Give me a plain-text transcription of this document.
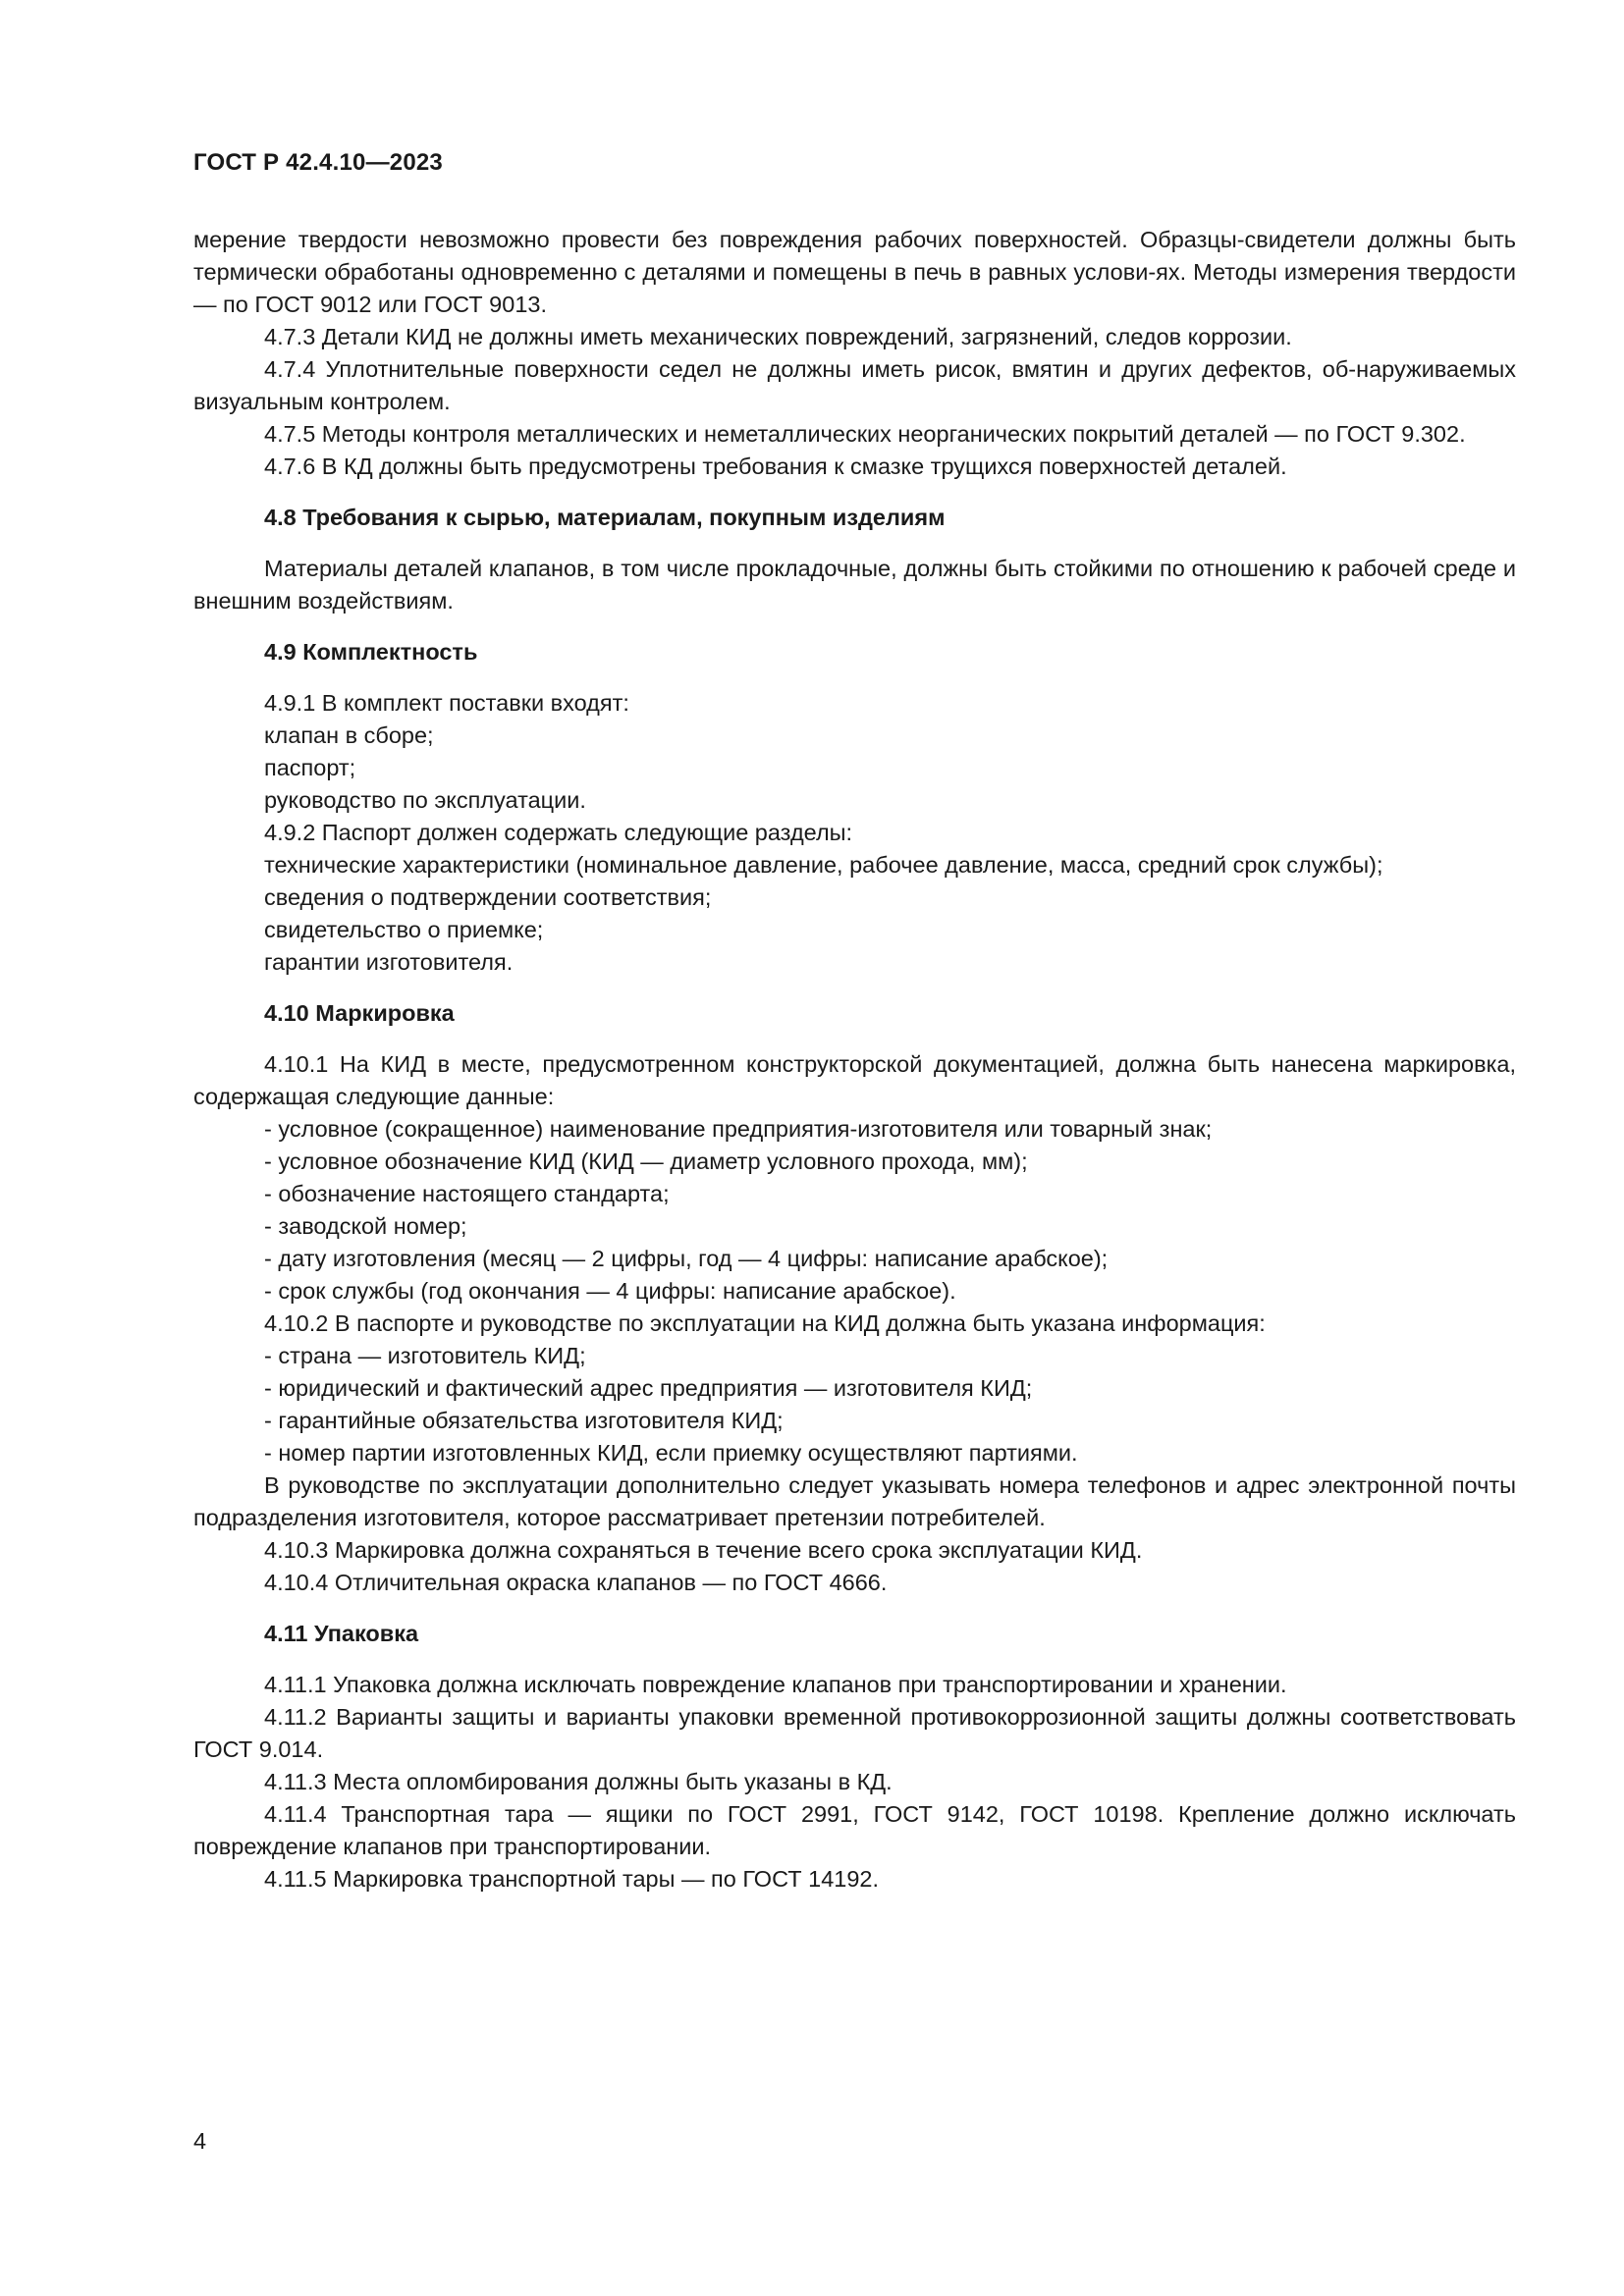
ГОСТ Р 42.4.10—2023

мерение твердости невозможно провести без повреждения рабочих поверхностей. Образцы-свидетели должны быть термически обработаны одновременно с деталями и помещены в печь в равных услови-ях. Методы измерения твердости — по ГОСТ 9012 или ГОСТ 9013.

4.7.3 Детали КИД не должны иметь механических повреждений, загрязнений, следов коррозии.

4.7.4 Уплотнительные поверхности седел не должны иметь рисок, вмятин и других дефектов, об-наруживаемых визуальным контролем.

4.7.5 Методы контроля металлических и неметаллических неорганических покрытий деталей — по ГОСТ 9.302.

4.7.6 В КД должны быть предусмотрены требования к смазке трущихся поверхностей деталей.

4.8 Требования к сырью, материалам, покупным изделиям

Материалы деталей клапанов, в том числе прокладочные, должны быть стойкими по отношению к рабочей среде и внешним воздействиям.

4.9 Комплектность

4.9.1 В комплект поставки входят:

клапан в сборе;

паспорт;

руководство по эксплуатации.

4.9.2 Паспорт должен содержать следующие разделы:

технические характеристики (номинальное давление, рабочее давление, масса, средний срок службы);

сведения о подтверждении соответствия;

свидетельство о приемке;

гарантии изготовителя.

4.10 Маркировка

4.10.1 На КИД в месте, предусмотренном конструкторской документацией, должна быть нанесена маркировка, содержащая следующие данные:

- условное (сокращенное) наименование предприятия-изготовителя или товарный знак;

- условное обозначение КИД (КИД — диаметр условного прохода, мм);

- обозначение настоящего стандарта;

- заводской номер;

- дату изготовления (месяц — 2 цифры, год — 4 цифры: написание арабское);

- срок службы (год окончания — 4 цифры: написание арабское).

4.10.2 В паспорте и руководстве по эксплуатации на КИД должна быть указана информация:

- страна — изготовитель КИД;

- юридический и фактический адрес предприятия — изготовителя КИД;

- гарантийные обязательства изготовителя КИД;

- номер партии изготовленных КИД, если приемку осуществляют партиями.

В руководстве по эксплуатации дополнительно следует указывать номера телефонов и адрес электронной почты подразделения изготовителя, которое рассматривает претензии потребителей.

4.10.3 Маркировка должна сохраняться в течение всего срока эксплуатации КИД.

4.10.4 Отличительная окраска клапанов — по ГОСТ 4666.

4.11 Упаковка

4.11.1 Упаковка должна исключать повреждение клапанов при транспортировании и хранении.

4.11.2 Варианты защиты и варианты упаковки временной противокоррозионной защиты должны соответствовать ГОСТ 9.014.

4.11.3 Места опломбирования должны быть указаны в КД.

4.11.4 Транспортная тара — ящики по ГОСТ 2991, ГОСТ 9142, ГОСТ 10198. Крепление должно исключать повреждение клапанов при транспортировании.

4.11.5 Маркировка транспортной тары — по ГОСТ 14192.

4
